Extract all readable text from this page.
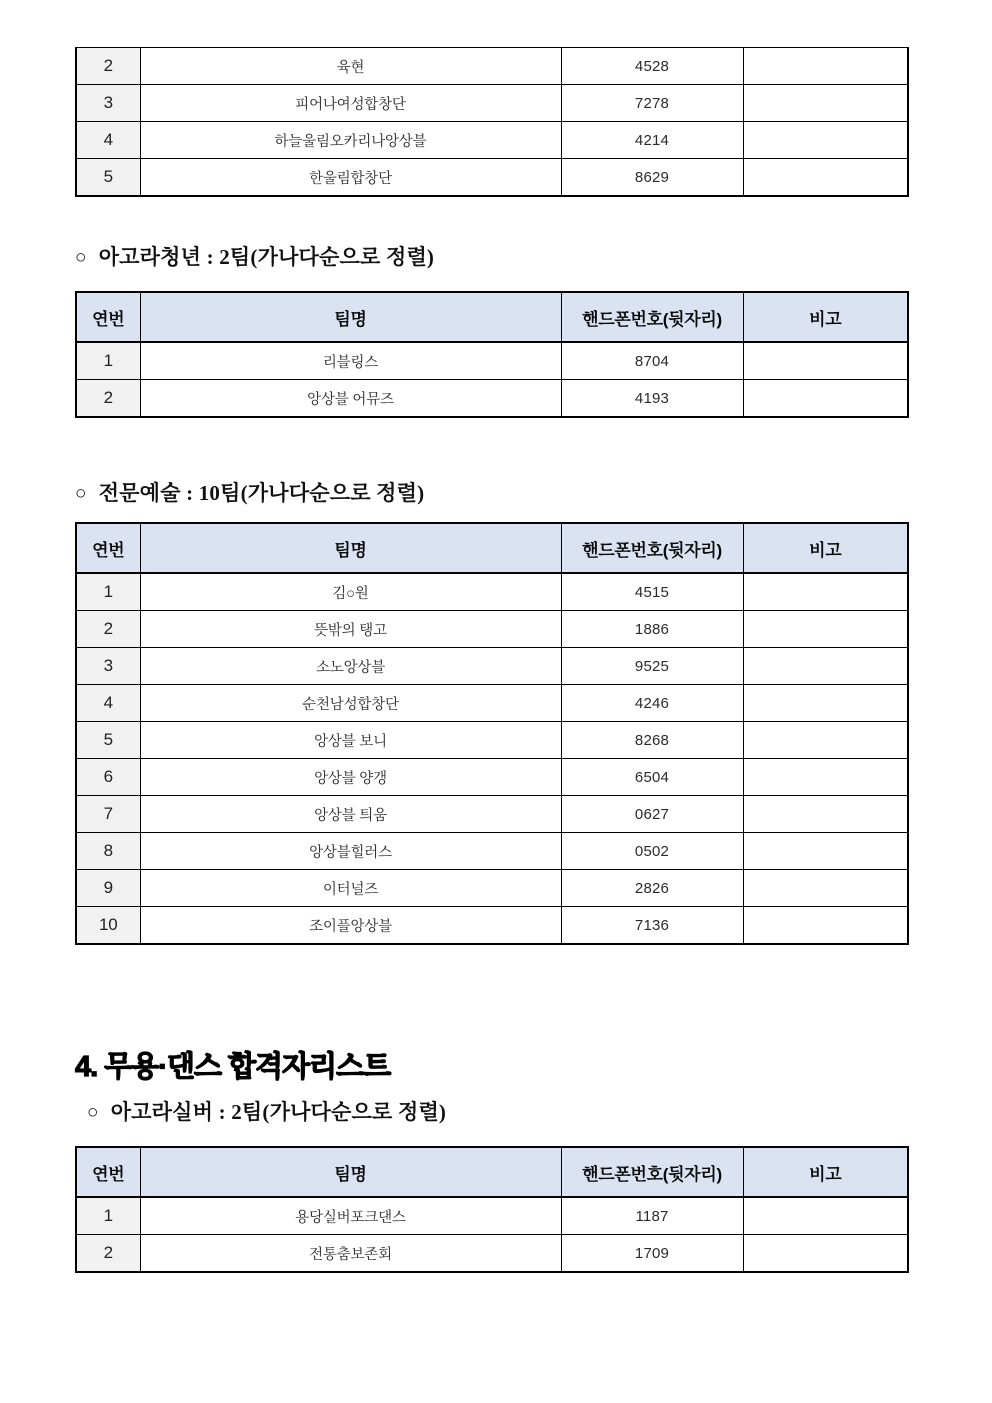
2	육현	4528	
3	피어나여성합창단	7278	
4	하늘울림오카리나앙상블	4214	
5	한울림합창단	8629	
○ 아고라청년 : 2팀(가나다순으로 정렬)
연번	팀명	핸드폰번호(뒷자리)	비고
1	리블링스	8704	
2	앙상블 어뮤즈	4193	
○ 전문예술 : 10팀(가나다순으로 정렬)
연번	팀명	핸드폰번호(뒷자리)	비고
1	김○원	4515	
2	뜻밖의 탱고	1886	
3	소노앙상블	9525	
4	순천남성합창단	4246	
5	앙상블 보니	8268	
6	앙상블 양갱	6504	
7	앙상블 틔움	0627	
8	앙상블힐러스	0502	
9	이터널즈	2826	
10	조이플앙상블	7136	
4. 무용·댄스 합격자리스트
○ 아고라실버 : 2팀(가나다순으로 정렬)
연번	팀명	핸드폰번호(뒷자리)	비고
1	용당실버포크댄스	1187	
2	전통춤보존회	1709	
